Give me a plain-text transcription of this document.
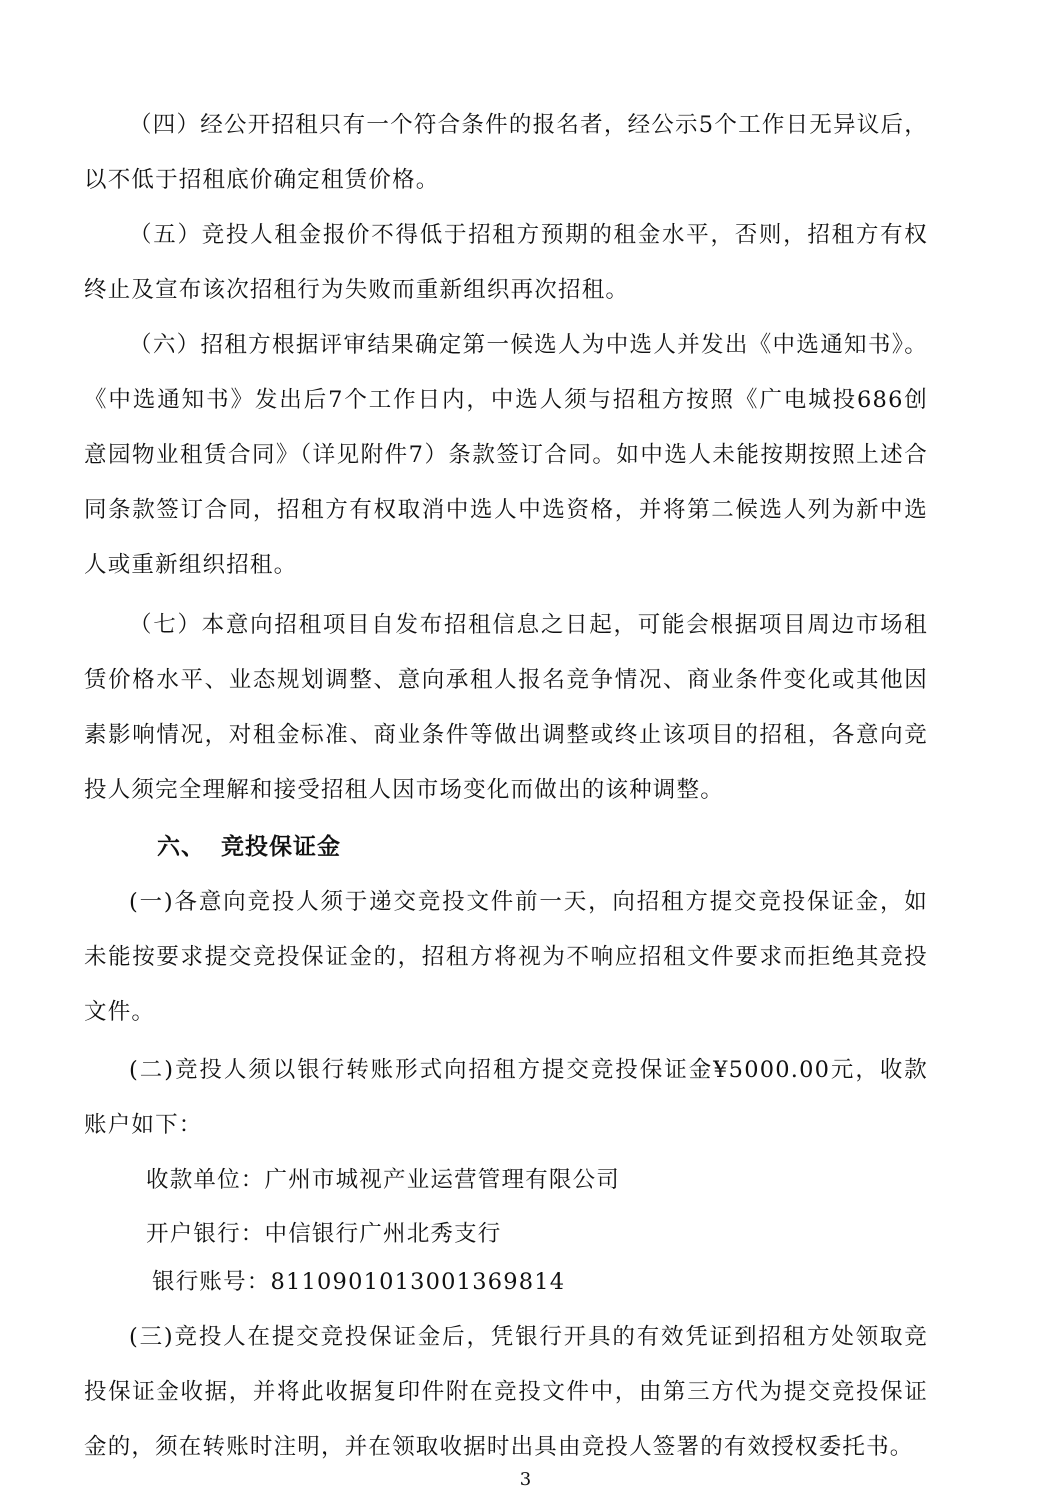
（四）经公开招租只有一个符合条件的报名者，经公示5个工作日无异议后，以不低于招租底价确定租赁价格。

（五）竞投人租金报价不得低于招租方预期的租金水平，否则，招租方有权终止及宣布该次招租行为失败而重新组织再次招租。

（六）招租方根据评审结果确定第一候选人为中选人并发出《中选通知书》。《中选通知书》发出后7个工作日内，中选人须与招租方按照《广电城投686创意园物业租赁合同》（详见附件7）条款签订合同。如中选人未能按期按照上述合同条款签订合同，招租方有权取消中选人中选资格，并将第二候选人列为新中选人或重新组织招租。

（七）本意向招租项目自发布招租信息之日起，可能会根据项目周边市场租赁价格水平、业态规划调整、意向承租人报名竞争情况、商业条件变化或其他因素影响情况，对租金标准、商业条件等做出调整或终止该项目的招租，各意向竞投人须完全理解和接受招租人因市场变化而做出的该种调整。

六、 竞投保证金

(一)各意向竞投人须于递交竞投文件前一天，向招租方提交竞投保证金，如未能按要求提交竞投保证金的，招租方将视为不响应招租文件要求而拒绝其竞投文件。

(二)竞投人须以银行转账形式向招租方提交竞投保证金¥5000.00元，收款账户如下：

收款单位：广州市城视产业运营管理有限公司

开户银行：中信银行广州北秀支行

银行账号：8110901013001369814

(三)竞投人在提交竞投保证金后，凭银行开具的有效凭证到招租方处领取竞投保证金收据，并将此收据复印件附在竞投文件中，由第三方代为提交竞投保证金的，须在转账时注明，并在领取收据时出具由竞投人签署的有效授权委托书。

3
